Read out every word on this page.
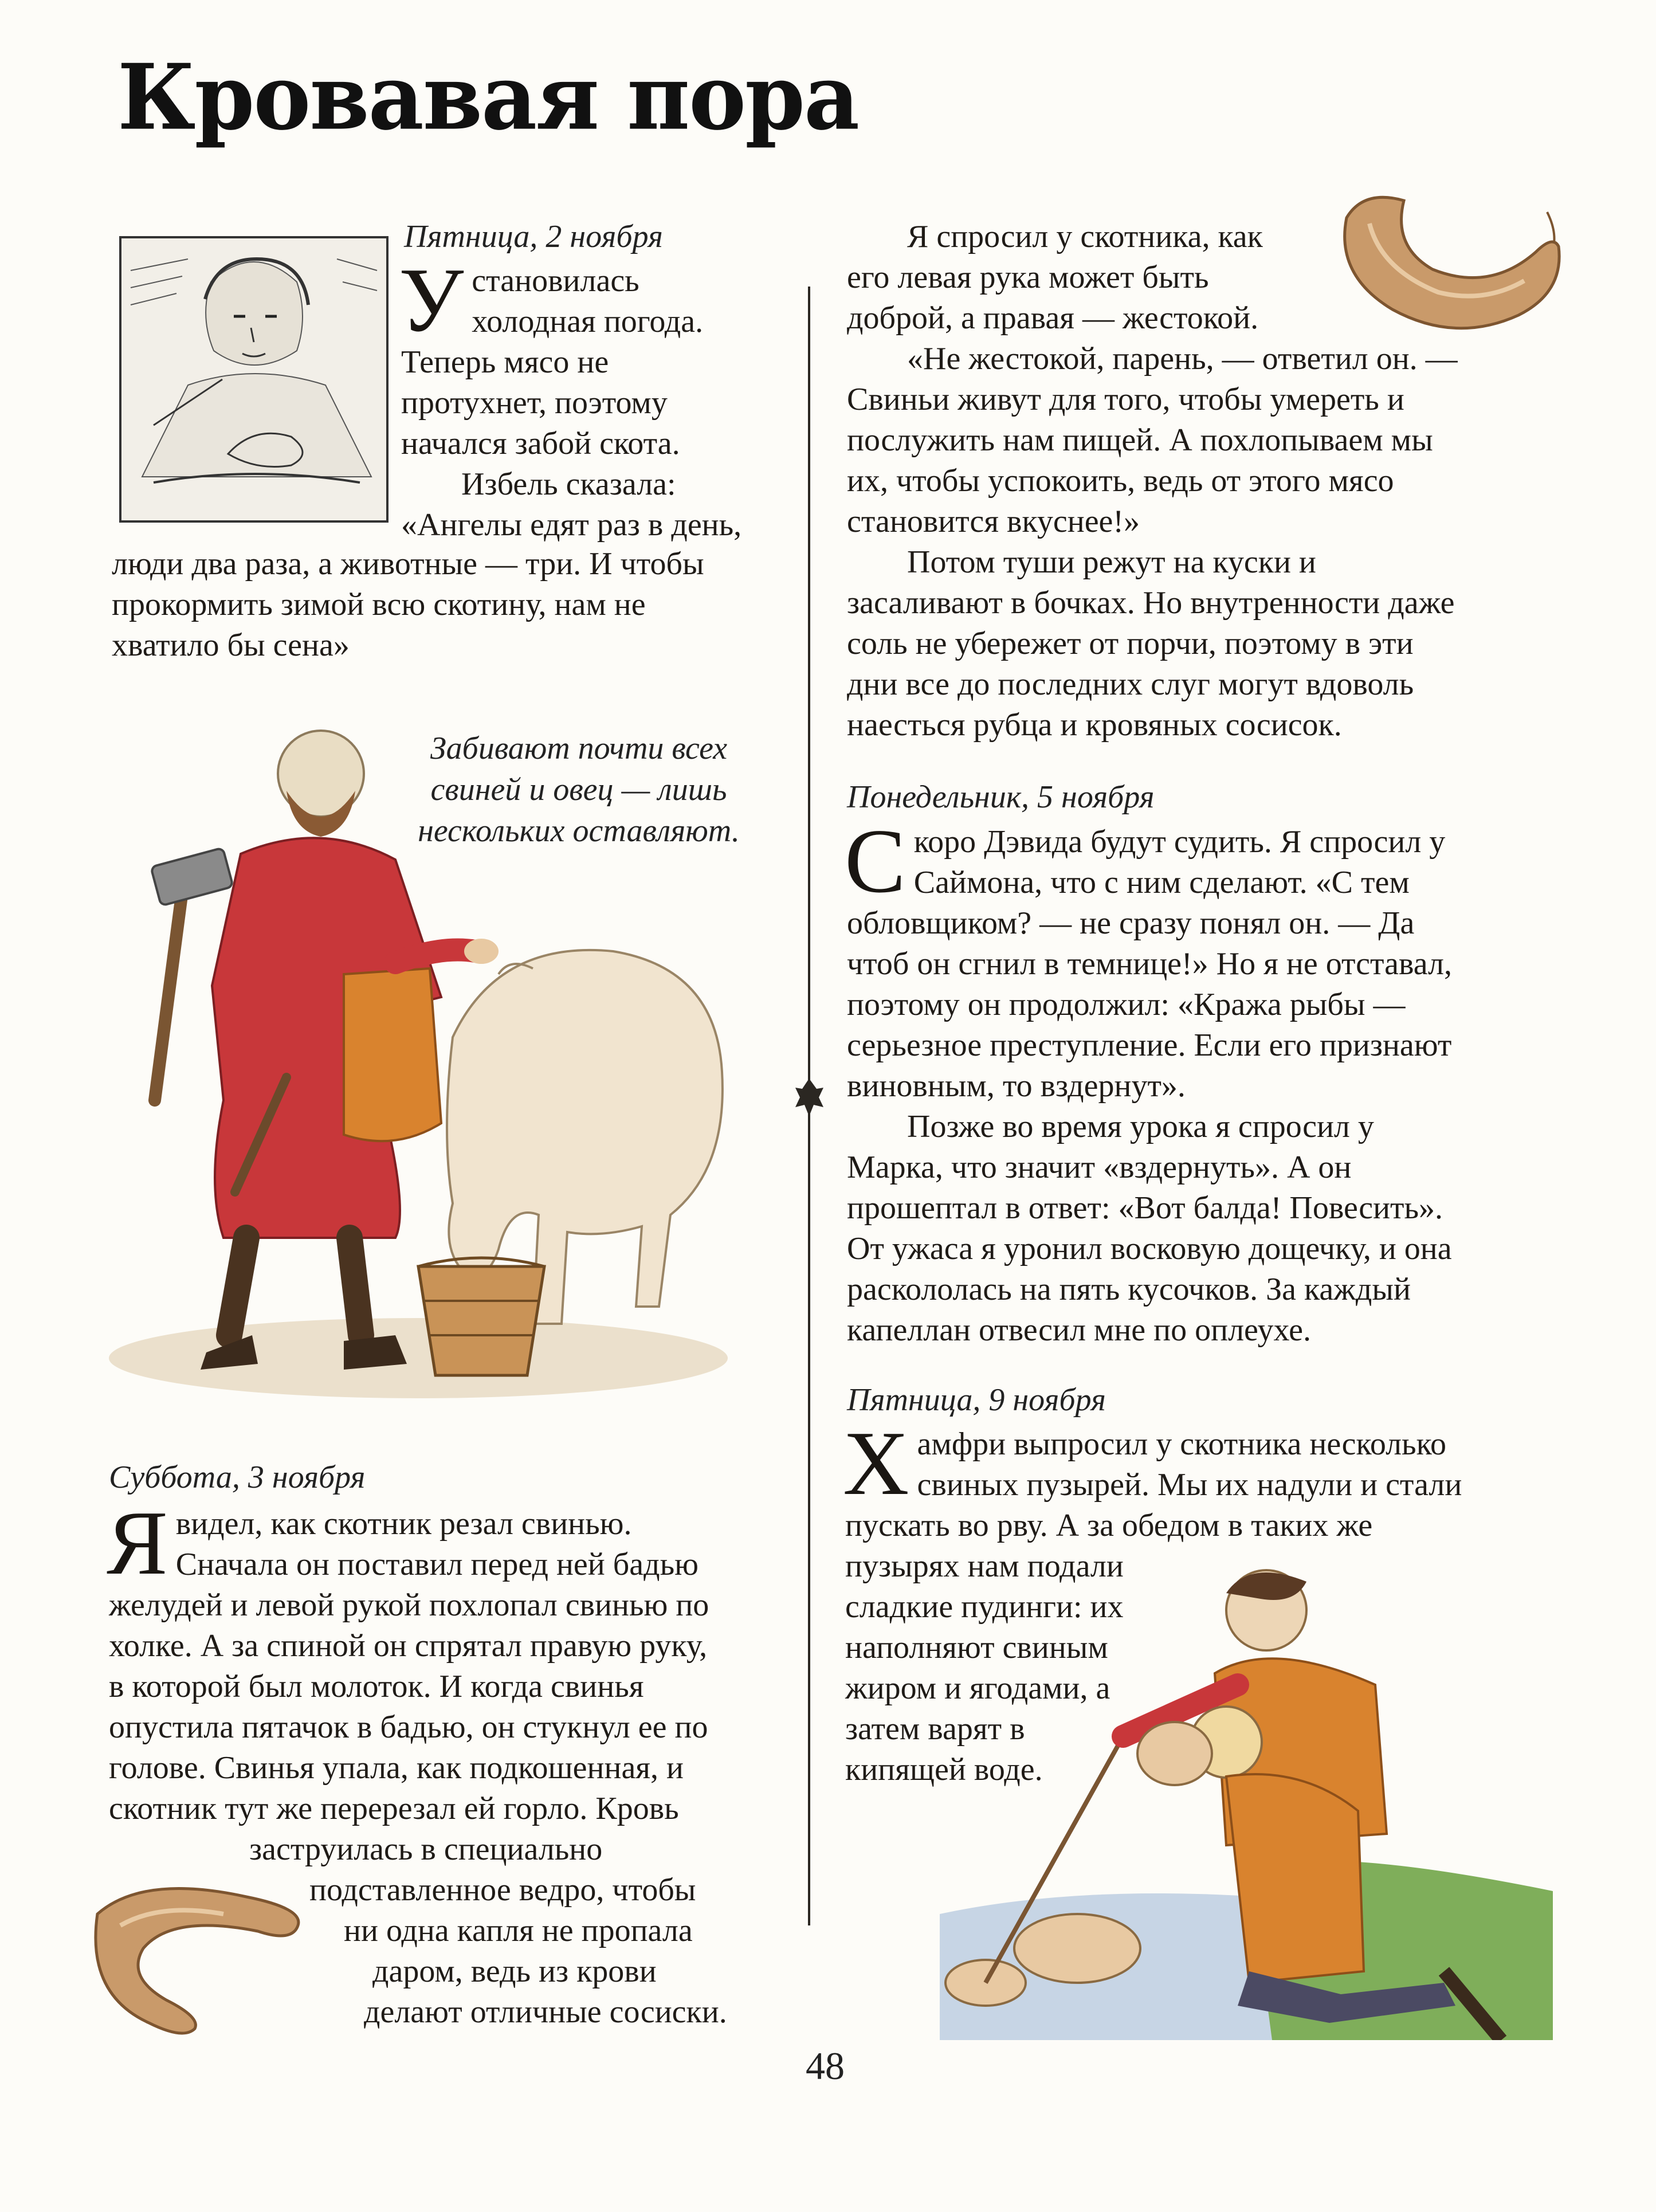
Кровавая пора

Пятница, 2 ноября

У становилась
холодная погода.
Теперь мясо не
протухнет, поэтому
начался забой скота.
Избель сказала:
«Ангелы едят раз в день,
люди два раза, а животные — три. И чтобы
прокормить зимой всю скотину, нам не
хватило бы сена»

Забивают почти всех

свиней и овец — лишь

нескольких оставляют.

Суббота, 3 ноября

Я видел, как скотник резал свинью.
Сначала он поставил перед ней бадью
желудей и левой рукой похлопал свинью по
холке. А за спиной он спрятал правую руку,
в которой был молоток. И когда свинья
опустила пятачок в бадью, он стукнул ее по
голове. Свинья упала, как подкошенная, и
скотник тут же перерезал ей горло. Кровь
заструилась в специально
подставленное ведро, чтобы
ни одна капля не пропала
даром, ведь из крови
делают отличные сосиски.
Я спросил у скотника, как
его левая рука может быть
доброй, а правая — жестокой.
«Не жестокой, парень, — ответил он. —
Свиньи живут для того, чтобы умереть и
послужить нам пищей. А похлопываем мы
их, чтобы успокоить, ведь от этого мясо
становится вкуснее!»
Потом туши режут на куски и
засаливают в бочках. Но внутренности даже
соль не убережет от порчи, поэтому в эти
дни все до последних слуг могут вдоволь
наесться рубца и кровяных сосисок.

Понедельник, 5 ноября

С коро Дэвида будут судить. Я спросил у
Саймона, что с ним сделают. «С тем
обловщиком? — не сразу понял он. — Да
чтоб он сгнил в темнице!» Но я не отставал,
поэтому он продолжил: «Кража рыбы —
серьезное преступление. Если его признают
виновным, то вздернут».
Позже во время урока я спросил у
Марка, что значит «вздернуть». А он
прошептал в ответ: «Вот балда! Повесить».
От ужаса я уронил восковую дощечку, и она
раскололась на пять кусочков. За каждый
капеллан отвесил мне по оплеухе.

Пятница, 9 ноября

Х амфри выпросил у скотника несколько
свиных пузырей. Мы их надули и стали
пускать во рву. А за обедом в таких же
пузырях нам подали
сладкие пудинги: их
наполняют свиным
жиром и ягодами, а
затем варят в
кипящей воде.
48
